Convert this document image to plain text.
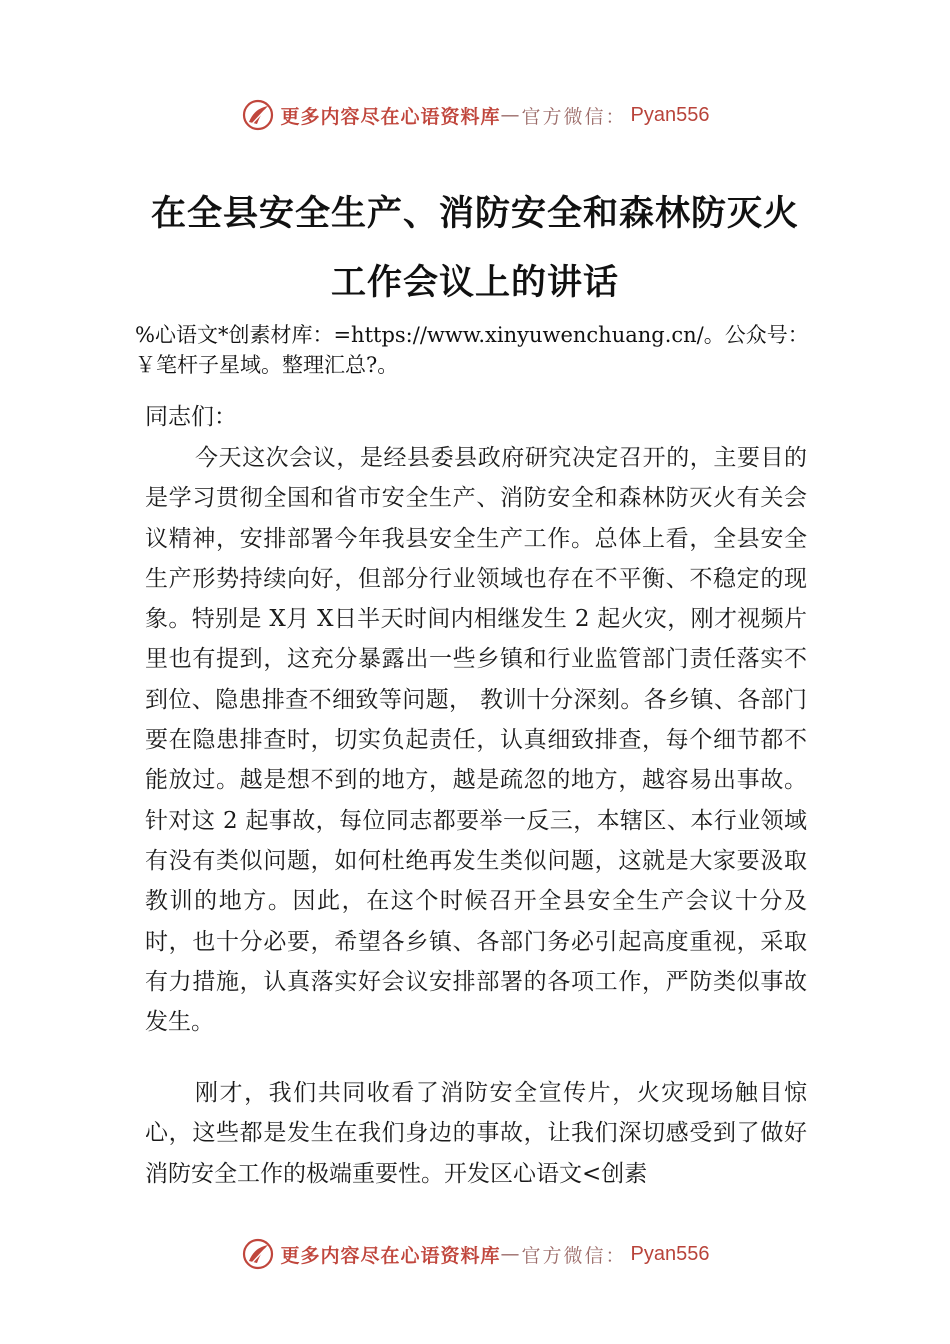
更多内容尽在心语资料库 — 官方微信： Pyan556
在全县安全生产、消防安全和森林防灭火
工作会议上的讲话
%心语文*创素材库：=https://www.xinyuwenchuang.cn/。公众号：￥笔杆子星域。整理汇总?。
同志们：

今天这次会议，是经县委县政府研究决定召开的，主要目的是学习贯彻全国和省市安全生产、消防安全和森林防灭火有关会议精神，安排部署今年我县安全生产工作。总体上看，全县安全生产形势持续向好，但部分行业领域也存在不平衡、不稳定的现象。特别是 X月 X日半天时间内相继发生 2 起火灾，刚才视频片里也有提到，这充分暴露出一些乡镇和行业监管部门责任落实不到位、隐患排查不细致等问题， 教训十分深刻。各乡镇、各部门要在隐患排查时，切实负起责任，认真细致排查，每个细节都不能放过。越是想不到的地方，越是疏忽的地方，越容易出事故。针对这 2 起事故，每位同志都要举一反三，本辖区、本行业领域有没有类似问题，如何杜绝再发生类似问题，这就是大家要汲取教训的地方。因此，在这个时候召开全县安全生产会议十分及时，也十分必要，希望各乡镇、各部门务必引起高度重视，采取有力措施，认真落实好会议安排部署的各项工作，严防类似事故发生。

刚才，我们共同收看了消防安全宣传片，火灾现场触目惊心，这些都是发生在我们身边的事故，让我们深切感受到了做好消防安全工作的极端重要性。开发区心语文<创素

更多内容尽在心语资料库 — 官方微信： Pyan556
